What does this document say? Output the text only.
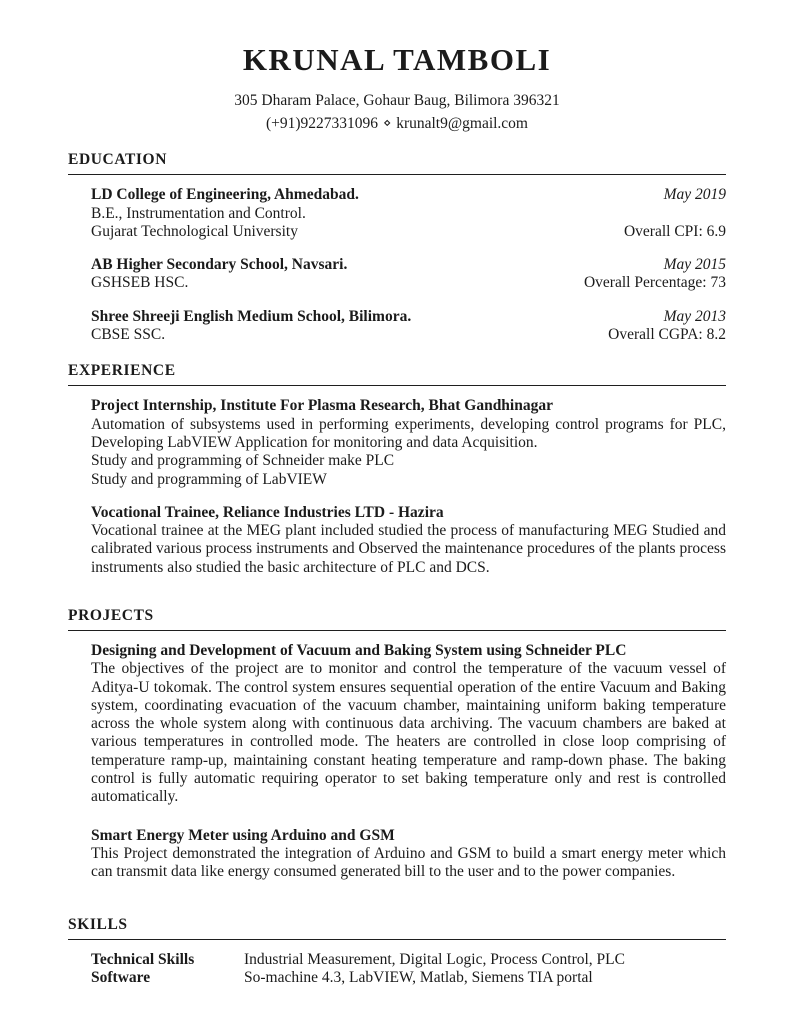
KRUNAL TAMBOLI
305 Dharam Palace, Gohaur Baug, Bilimora 396321
(+91)9227331096 ⋄ krunalt9@gmail.com
EDUCATION
LD College of Engineering, Ahmedabad.	May 2019
B.E., Instrumentation and Control.
Gujarat Technological University	Overall CPI: 6.9
AB Higher Secondary School, Navsari.	May 2015
GSHSEB HSC.	Overall Percentage: 73
Shree Shreeji English Medium School, Bilimora.	May 2013
CBSE SSC.	Overall CGPA: 8.2
EXPERIENCE
Project Internship, Institute For Plasma Research, Bhat Gandhinagar
Automation of subsystems used in performing experiments, developing control programs for PLC, Developing LabVIEW Application for monitoring and data Acquisition.
Study and programming of Schneider make PLC
Study and programming of LabVIEW
Vocational Trainee, Reliance Industries LTD - Hazira
Vocational trainee at the MEG plant included studied the process of manufacturing MEG Studied and calibrated various process instruments and Observed the maintenance procedures of the plants process instruments also studied the basic architecture of PLC and DCS.
PROJECTS
Designing and Development of Vacuum and Baking System using Schneider PLC
The objectives of the project are to monitor and control the temperature of the vacuum vessel of Aditya-U tokomak. The control system ensures sequential operation of the entire Vacuum and Baking system, coordinating evacuation of the vacuum chamber, maintaining uniform baking temperature across the whole system along with continuous data archiving. The vacuum chambers are baked at various temperatures in controlled mode. The heaters are controlled in close loop comprising of temperature ramp-up, maintaining constant heating temperature and ramp-down phase. The baking control is fully automatic requiring operator to set baking temperature only and rest is controlled automatically.
Smart Energy Meter using Arduino and GSM
This Project demonstrated the integration of Arduino and GSM to build a smart energy meter which can transmit data like energy consumed generated bill to the user and to the power companies.
SKILLS
Technical Skills	Industrial Measurement, Digital Logic, Process Control, PLC
Software	So-machine 4.3, LabVIEW, Matlab, Siemens TIA portal
